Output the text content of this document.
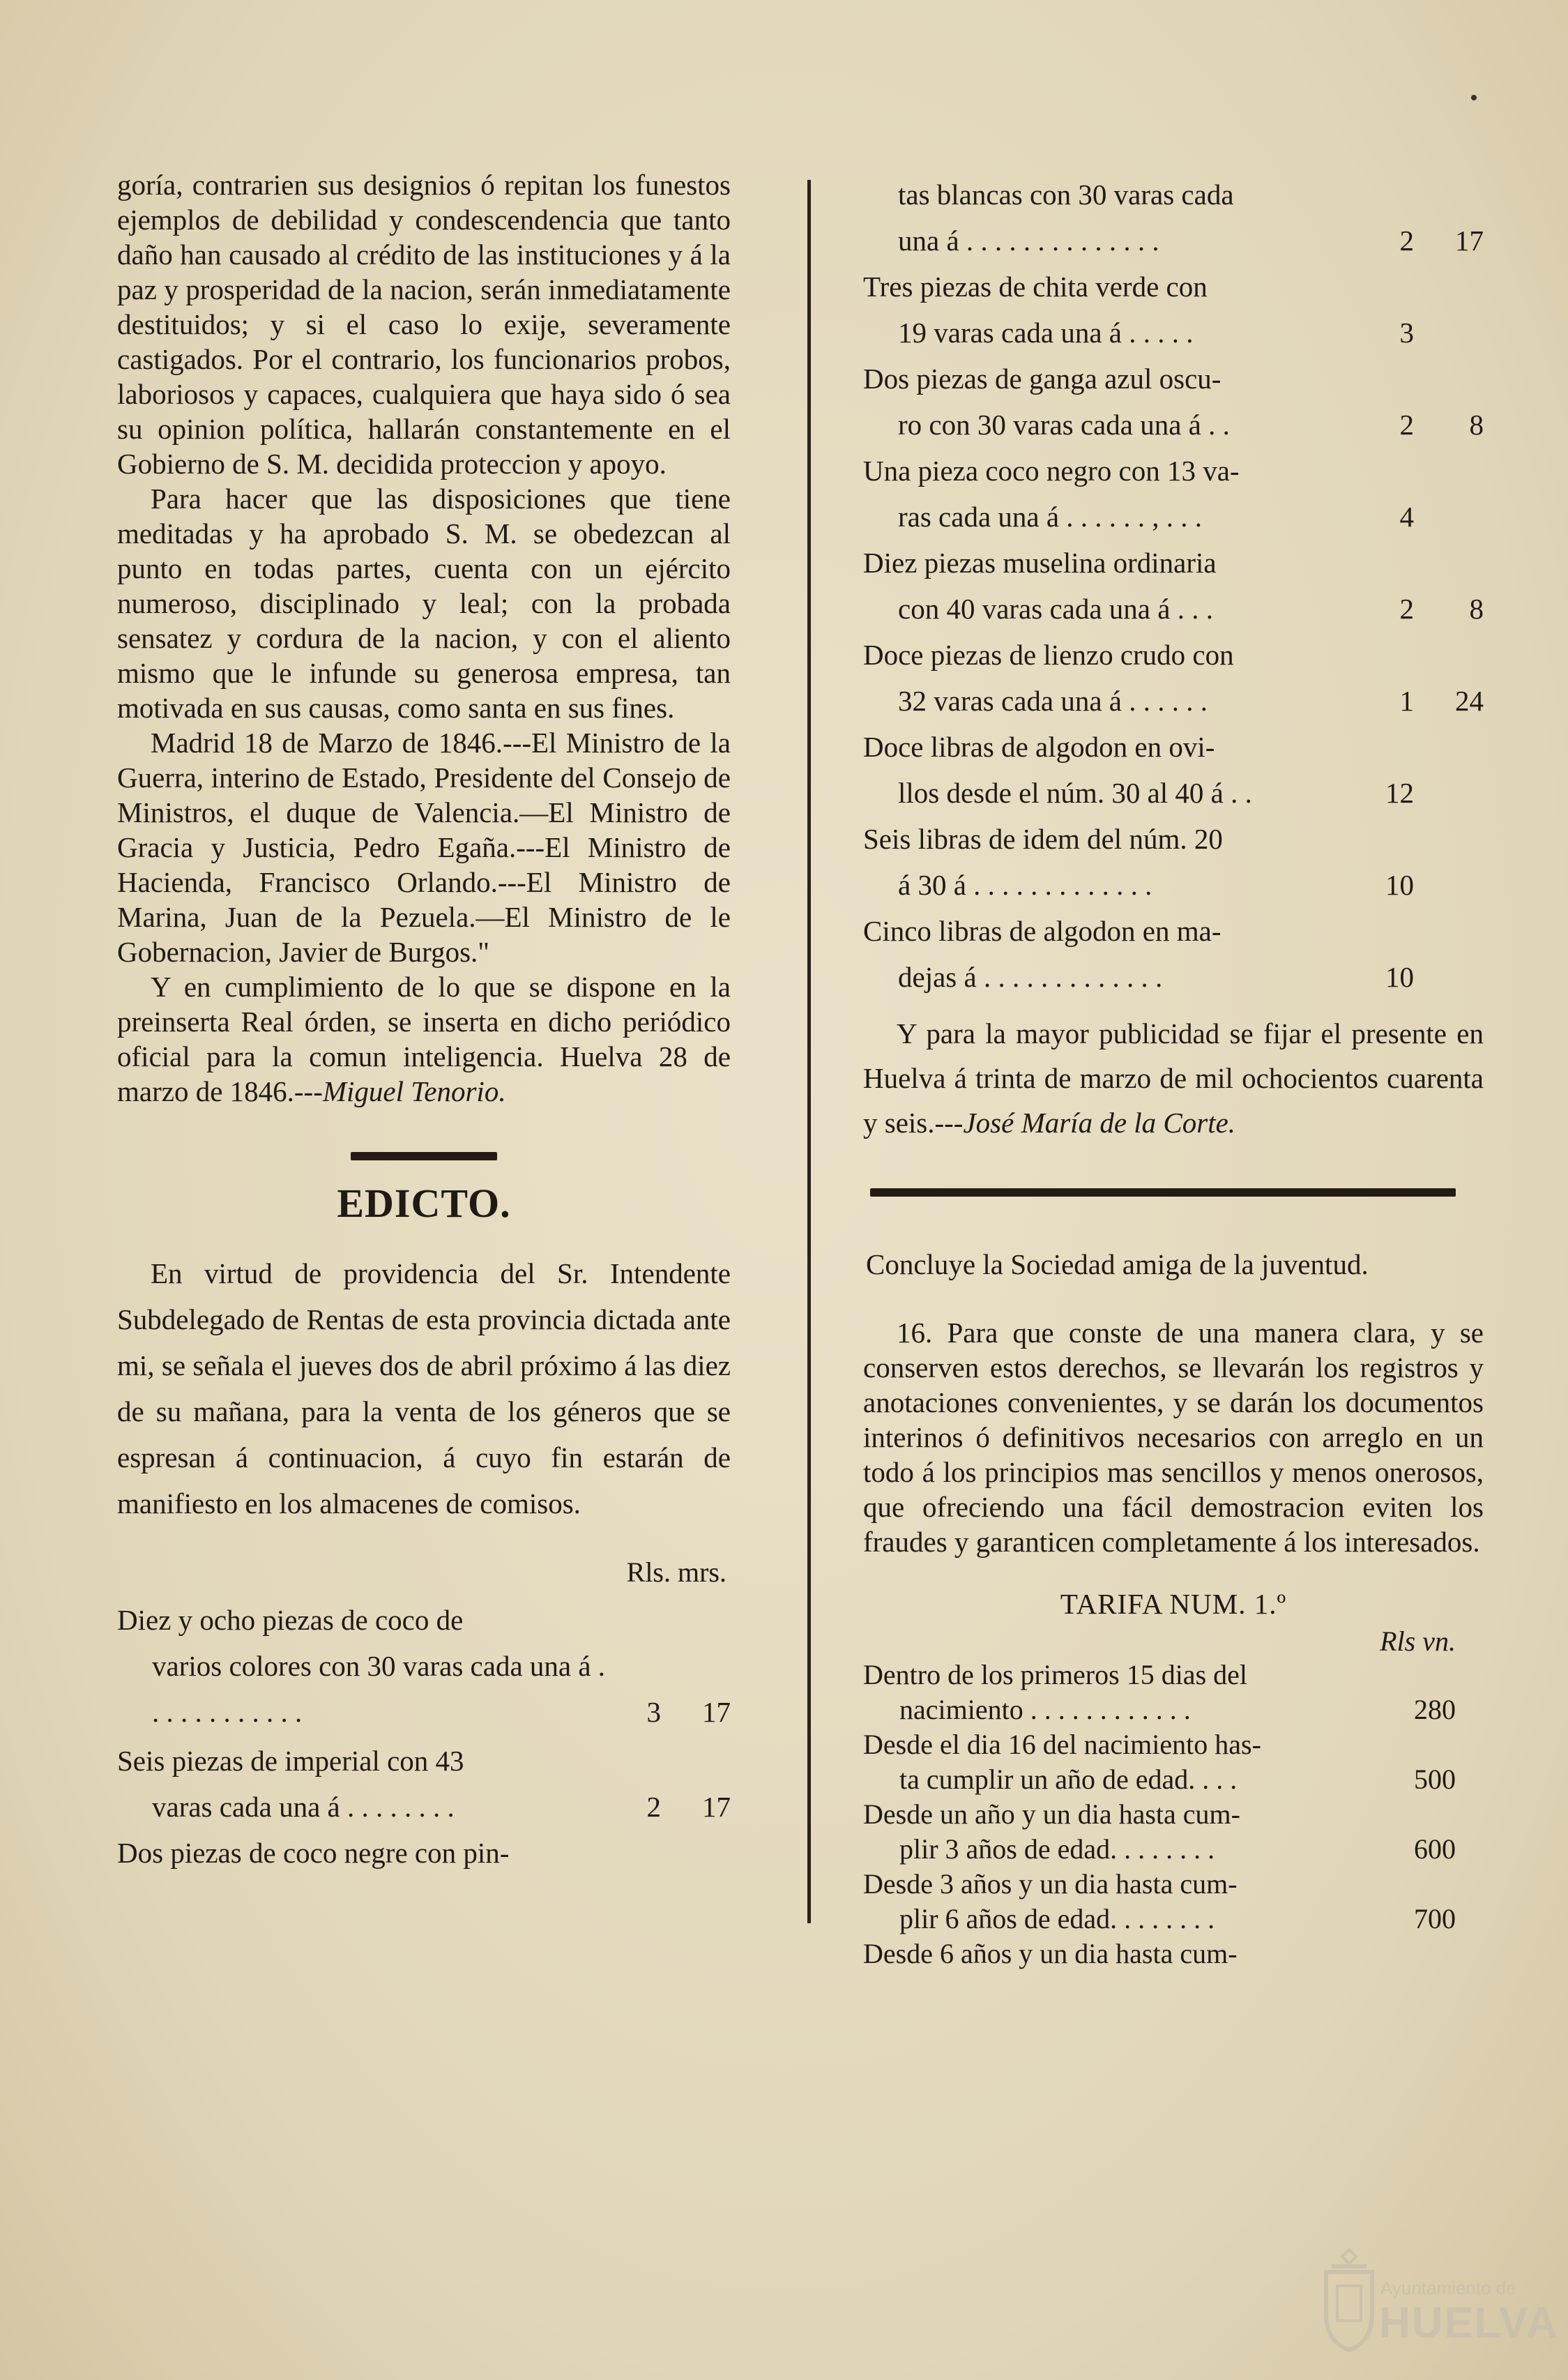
goría, contrarien sus designios ó repitan los funestos ejemplos de debilidad y condescendencia que tanto daño han causado al crédito de las instituciones y á la paz y prosperidad de la nacion, serán inmediatamente destituidos; y si el caso lo exije, severamente castigados. Por el contrario, los funcionarios probos, laboriosos y capaces, cualquiera que haya sido ó sea su opinion política, hallarán constantemente en el Gobierno de S. M. decidida proteccion y apoyo.

Para hacer que las disposiciones que tiene meditadas y ha aprobado S. M. se obedezcan al punto en todas partes, cuenta con un ejército numeroso, disciplinado y leal; con la probada sensatez y cordura de la nacion, y con el aliento mismo que le infunde su generosa empresa, tan motivada en sus causas, como santa en sus fines.

Madrid 18 de Marzo de 1846.---El Ministro de la Guerra, interino de Estado, Presidente del Consejo de Ministros, el duque de Valencia.—El Ministro de Gracia y Justicia, Pedro Egaña.---El Ministro de Hacienda, Francisco Orlando.---El Ministro de Marina, Juan de la Pezuela.—El Ministro de le Gobernacion, Javier de Burgos."

Y en cumplimiento de lo que se dispone en la preinserta Real órden, se inserta en dicho periódico oficial para la comun inteligencia. Huelva 28 de marzo de 1846.---Miguel Tenorio.

EDICTO.

En virtud de providencia del Sr. Intendente Subdelegado de Rentas de esta provincia dictada ante mi, se señala el jueves dos de abril próximo á las diez de su mañana, para la venta de los géneros que se espresan á continuacion, á cuyo fin estarán de manifiesto en los almacenes de comisos.

Rls. mrs.
Diez y ocho piezas de coco de
varios colores con 30 varas cada una á . . . . . . . . . . . .	3	17
Seis piezas de imperial con 43
varas cada una á . . . . . . . .	2	17
Dos piezas de coco negre con pin-
tas blancas con 30 varas cada
una á . . . . . . . . . . . . . .	2	17
Tres piezas de chita verde con
19 varas cada una á . . . . .	3
Dos piezas de ganga azul oscu-
ro con 30 varas cada una á . .	2	8
Una pieza coco negro con 13 va-
ras cada una á . . . . . . , . . .	4
Diez piezas muselina ordinaria
con 40 varas cada una á . . .	2	8
Doce piezas de lienzo crudo con
32 varas cada una á . . . . . .	1	24
Doce libras de algodon en ovi-
llos desde el núm. 30 al 40 á . .	12
Seis libras de idem del núm. 20
á 30 á . . . . . . . . . . . . .	10
Cinco libras de algodon en ma-
dejas á . . . . . . . . . . . . .	10

Y para la mayor publicidad se fijar el presente en Huelva á trinta de marzo de mil ochocientos cuarenta y seis.---José María de la Corte.

Concluye la Sociedad amiga de la juventud.

16. Para que conste de una manera clara, y se conserven estos derechos, se llevarán los registros y anotaciones convenientes, y se darán los documentos interinos ó definitivos necesarios con arreglo en un todo á los principios mas sencillos y menos onerosos, que ofreciendo una fácil demostracion eviten los fraudes y garanticen completamente á los interesados.

TARIFA NUM. 1.º
Rls vn.
Dentro de los primeros 15 dias del
nacimiento . . . . . . . . . . . .	280
Desde el dia 16 del nacimiento has-
ta cumplir un año de edad. . . .	500
Desde un año y un dia hasta cum-
plir 3 años de edad. . . . . . . .	600
Desde 3 años y un dia hasta cum-
plir 6 años de edad. . . . . . . .	700
Desde 6 años y un dia hasta cum-
Ayuntamiento de
HUELVA
